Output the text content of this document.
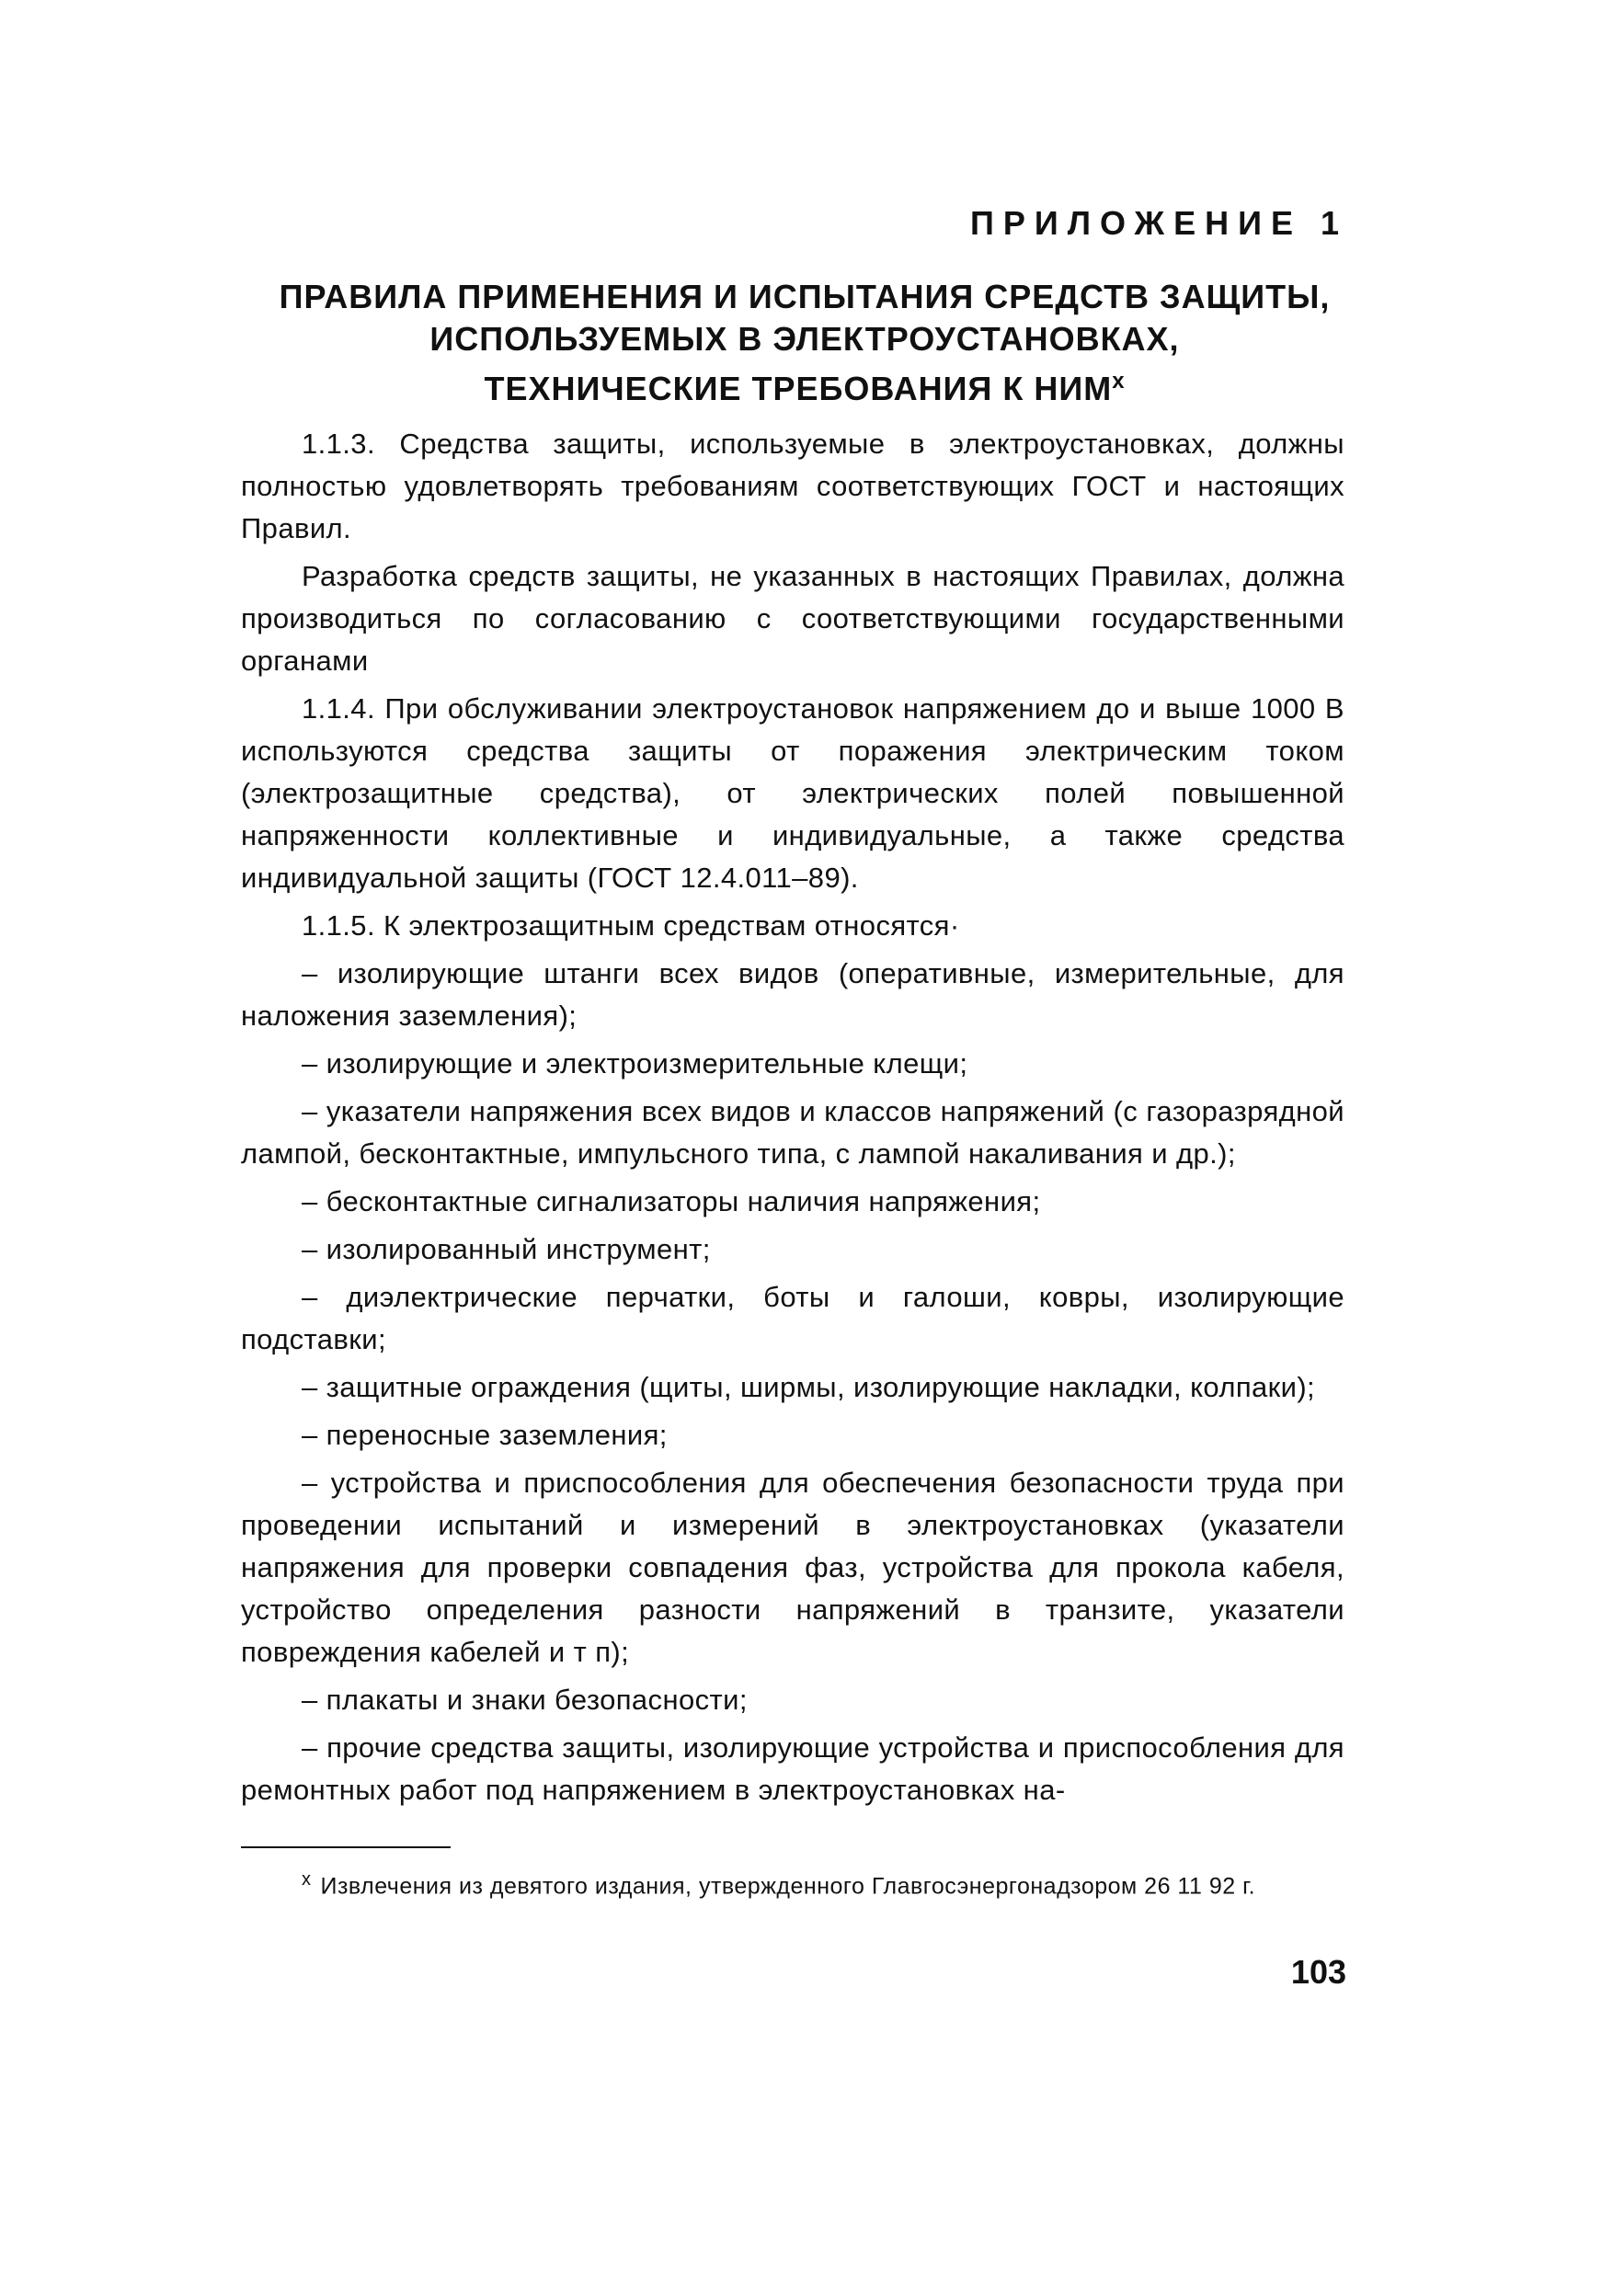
ПРИЛОЖЕНИЕ 1

ПРАВИЛА ПРИМЕНЕНИЯ И ИСПЫТАНИЯ СРЕДСТВ ЗАЩИТЫ,
ИСПОЛЬЗУЕМЫХ В ЭЛЕКТРОУСТАНОВКАХ,
ТЕХНИЧЕСКИЕ ТРЕБОВАНИЯ К $НИМ^х$

1.1.3. Средства защиты, используемые в электроустановках, должны полностью удовлетворять требованиям соответствующих ГОСТ и настоящих Правил.

Разработка средств защиты, не указанных в настоящих Правилах, должна производиться по согласованию с соответствующими государственными органами

1.1.4. При обслуживании электроустановок напряжением до и выше 1000 В используются средства защиты от поражения электрическим током (электрозащитные средства), от электрических полей повышенной напряженности коллективные и индивидуальные, а также средства индивидуальной защиты (ГОСТ 12.4.011–89).

1.1.5. К электрозащитным средствам относятся·

– изолирующие штанги всех видов (оперативные, измерительные, для наложения заземления);

– изолирующие и электроизмерительные клещи;

– указатели напряжения всех видов и классов напряжений (с газоразрядной лампой, бесконтактные, импульсного типа, с лампой накаливания и др.);

– бесконтактные сигнализаторы наличия напряжения;

– изолированный инструмент;

– диэлектрические перчатки, боты и галоши, ковры, изолирующие подставки;

– защитные ограждения (щиты, ширмы, изолирующие накладки, колпаки);

– переносные заземления;

– устройства и приспособления для обеспечения безопасности труда при проведении испытаний и измерений в электроустановках (указатели напряжения для проверки совпадения фаз, устройства для прокола кабеля, устройство определения разности напряжений в транзите, указатели повреждения кабелей и т п);

– плакаты и знаки безопасности;

– прочие средства защиты, изолирующие устройства и приспособления для ремонтных работ под напряжением в электроустановках на-

$^х$ Извлечения из девятого издания, утвержденного Главгосэнергонадзором 26 11 92 г.

103
